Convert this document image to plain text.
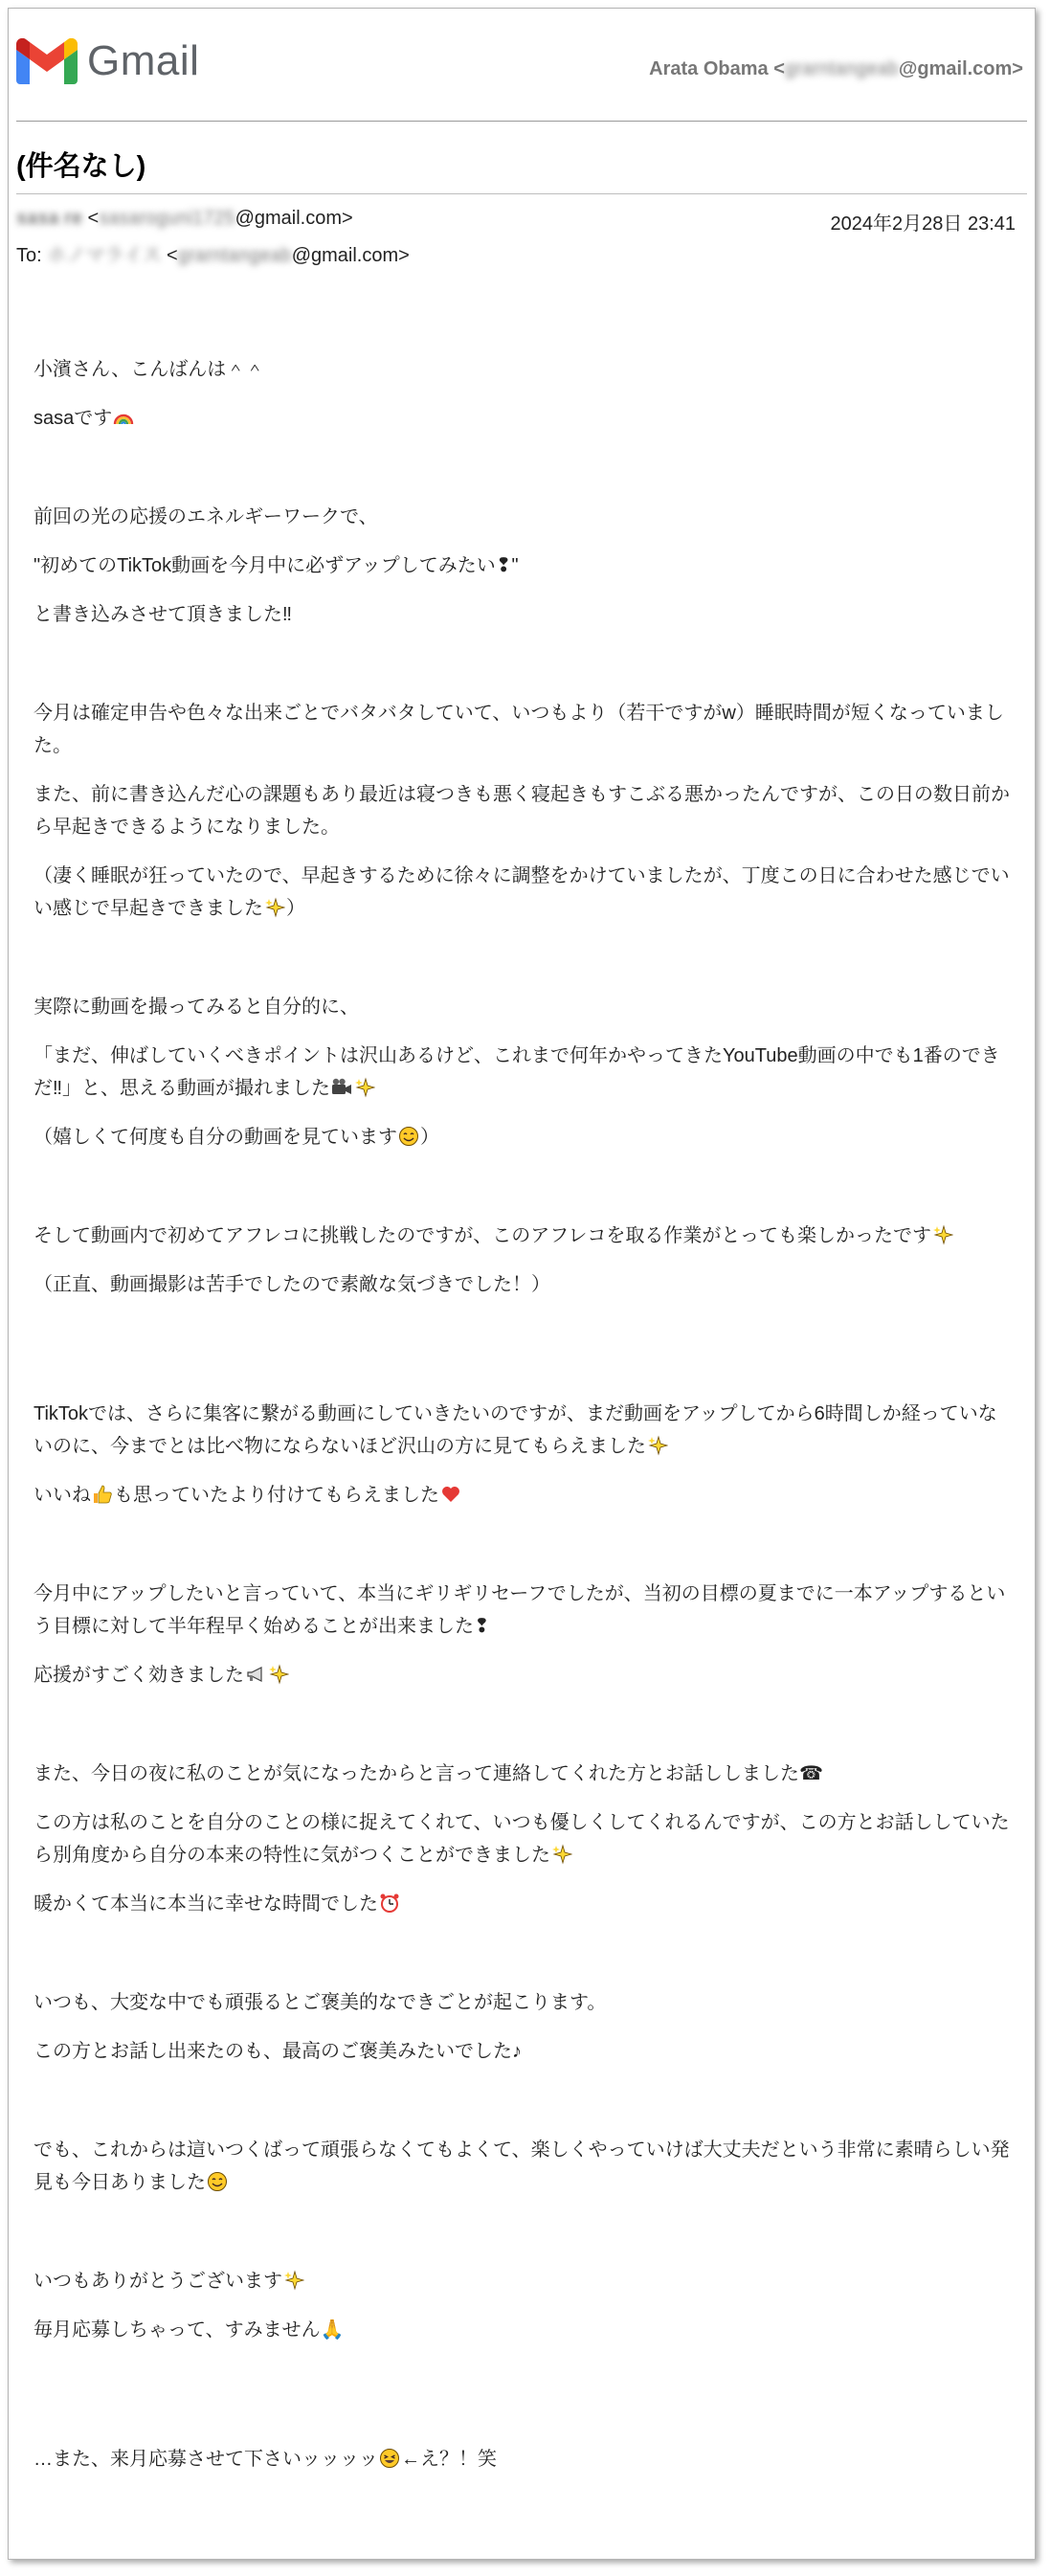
Gmail	Arata Obama <grarntangeab@gmail.com>
(件名なし)
sasa re <sasaroguni1725@gmail.com>	2024年2月28日 23:41
To: ホノマライス <grarntangeab@gmail.com>

小濱さん、こんばんは＾＾

sasaです

前回の光の応援のエネルギーワークで、

"初めてのTikTok動画を今月中に必ずアップしてみたい❢"

と書き込みさせて頂きました‼

今月は確定申告や色々な出来ごとでバタバタしていて、いつもより（若干ですがw）睡眠時間が短くなっていました。

また、前に書き込んだ心の課題もあり最近は寝つきも悪く寝起きもすこぶる悪かったんですが、この日の数日前から早起きできるようになりました。

（凄く睡眠が狂っていたので、早起きするために徐々に調整をかけていましたが、丁度この日に合わせた感じでいい感じで早起きできました ）

実際に動画を撮ってみると自分的に、

「まだ、伸ばしていくべきポイントは沢山あるけど、これまで何年かやってきたYouTube動画の中でも1番のできだ‼」と、思える動画が撮れました

（嬉しくて何度も自分の動画を見ています ）

そして動画内で初めてアフレコに挑戦したのですが、このアフレコを取る作業がとっても楽しかったです

（正直、動画撮影は苦手でしたので素敵な気づきでした！）

TikTokでは、さらに集客に繋がる動画にしていきたいのですが、まだ動画をアップしてから6時間しか経っていないのに、今までとは比べ物にならないほど沢山の方に見てもらえました

いいね も思っていたより付けてもらえました

今月中にアップしたいと言っていて、本当にギリギリセーフでしたが、当初の目標の夏までに一本アップするという目標に対して半年程早く始めることが出来ました❢

応援がすごく効きました

また、今日の夜に私のことが気になったからと言って連絡してくれた方とお話ししました☎

この方は私のことを自分のことの様に捉えてくれて、いつも優しくしてくれるんですが、この方とお話ししていたら別角度から自分の本来の特性に気がつくことができました

暖かくて本当に本当に幸せな時間でした

いつも、大変な中でも頑張るとご褒美的なできごとが起こります。

この方とお話し出来たのも、最高のご褒美みたいでした♪

でも、これからは這いつくばって頑張らなくてもよくて、楽しくやっていけば大丈夫だという非常に素晴らしい発見も今日ありました

いつもありがとうございます

毎月応募しちゃって、すみません🙏

…また、来月応募させて下さいッッッッ ←え？！笑
